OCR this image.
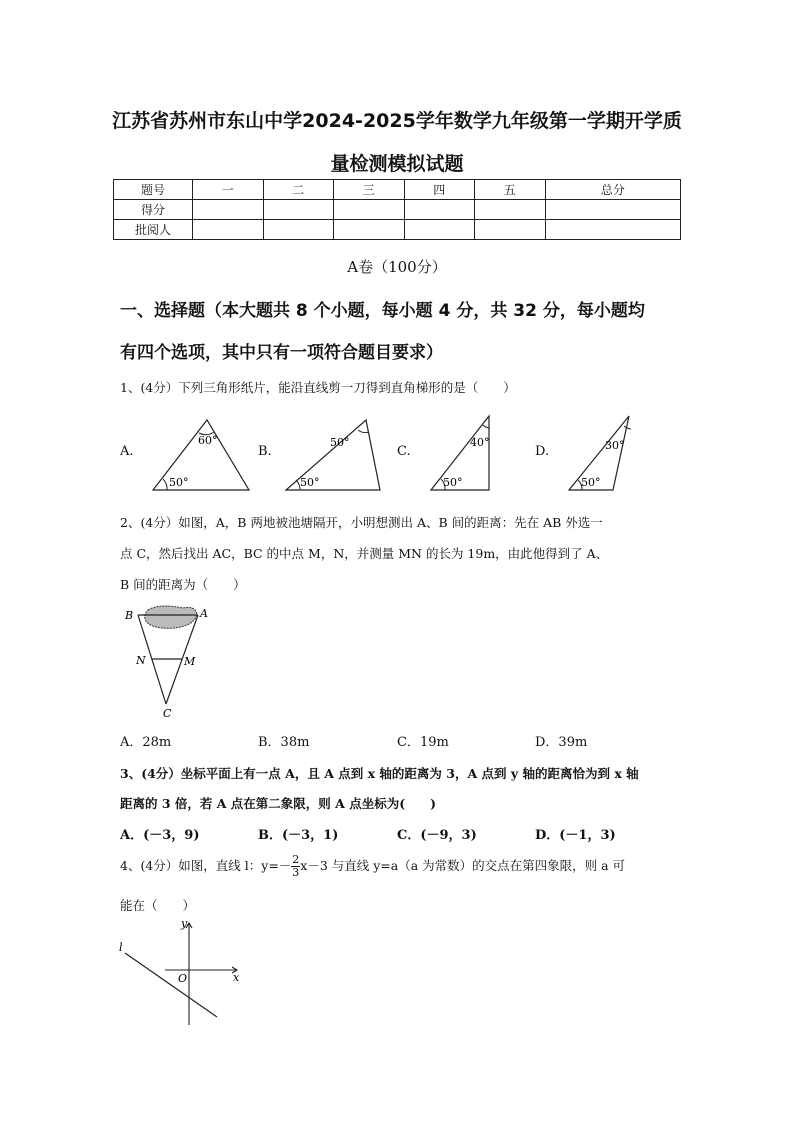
江苏省苏州市东山中学2024-2025学年数学九年级第一学期开学质
量检测模拟试题
题号	一	二	三	四	五	总分
得分						
批阅人						
A卷（100分）
一、选择题（本大题共 8 个小题，每小题 4 分，共 32 分，每小题均
有四个选项，其中只有一项符合题目要求）
1、(4分）下列三角形纸片，能沿直线剪一刀得到直角梯形的是（　　）
A.
60°
50°
B.
50°
50°
C.
40°
50°
D.	30°
50°
2、(4分）如图，A，B 两地被池塘隔开，小明想测出 A、B 间的距离：先在 AB 外选一
点 C，然后找出 AC，BC 的中点 M，N，并测量 MN 的长为 19m，由此他得到了 A、
B 间的距离为（　　）
B	A
N	M
C
A．28m	B．38m	C．19m	D．39m
3、(4分）坐标平面上有一点 A，且 A 点到 x 轴的距离为 3，A 点到 y 轴的距离恰为到 x 轴
距离的 3 倍，若 A 点在第二象限，则 A 点坐标为(　　)
A．(－3，9)	B．(－3，1)	C．(－9，3)	D．(－1，3)
4、(4分）如图，直线 l：$y=- \frac{2}{3} x-3$ 与直线 y=a（a 为常数）的交点在第四象限，则 a 可
能在（　　）
y
x
O
l
